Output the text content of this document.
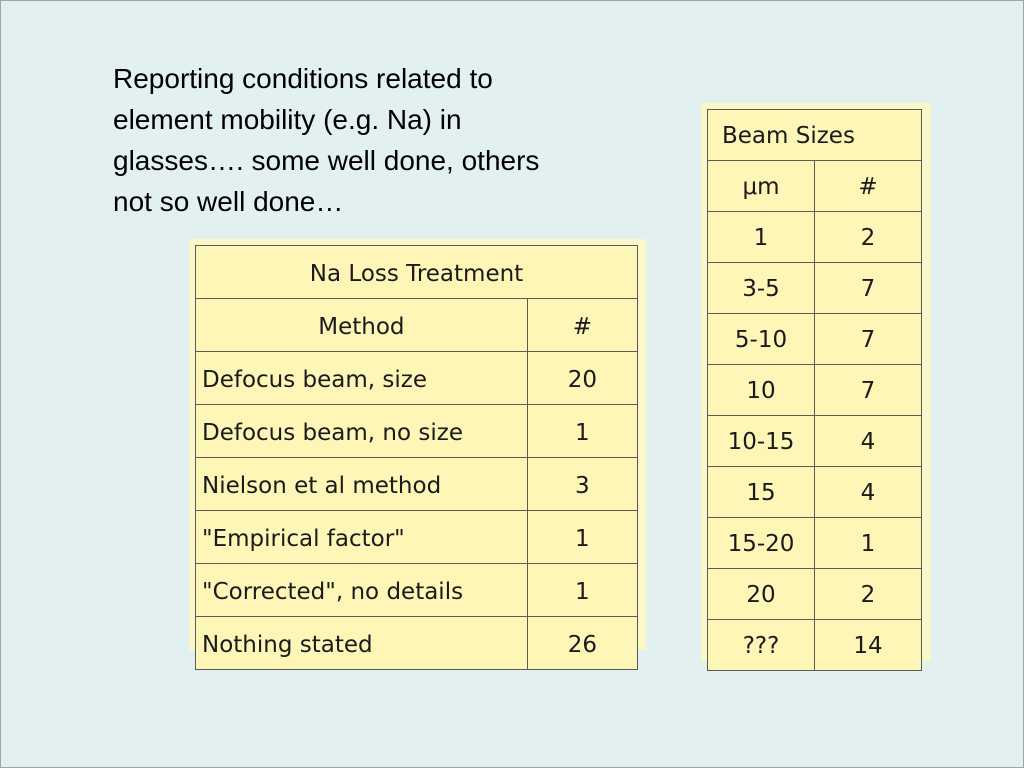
Reporting conditions related to
element mobility (e.g. Na) in
glasses…. some well done, others
not so well done…

Na Loss Treatment	
Method	#
Defocus beam, size	20
Defocus beam, no size	1
Nielson et al method	3
"Empirical factor"	1
"Corrected", no details	1
Nothing stated	26
Beam Sizes	
μm	#
1	2
3-5	7
5-10	7
10	7
10-15	4
15	4
15-20	1
20	2
???	14
